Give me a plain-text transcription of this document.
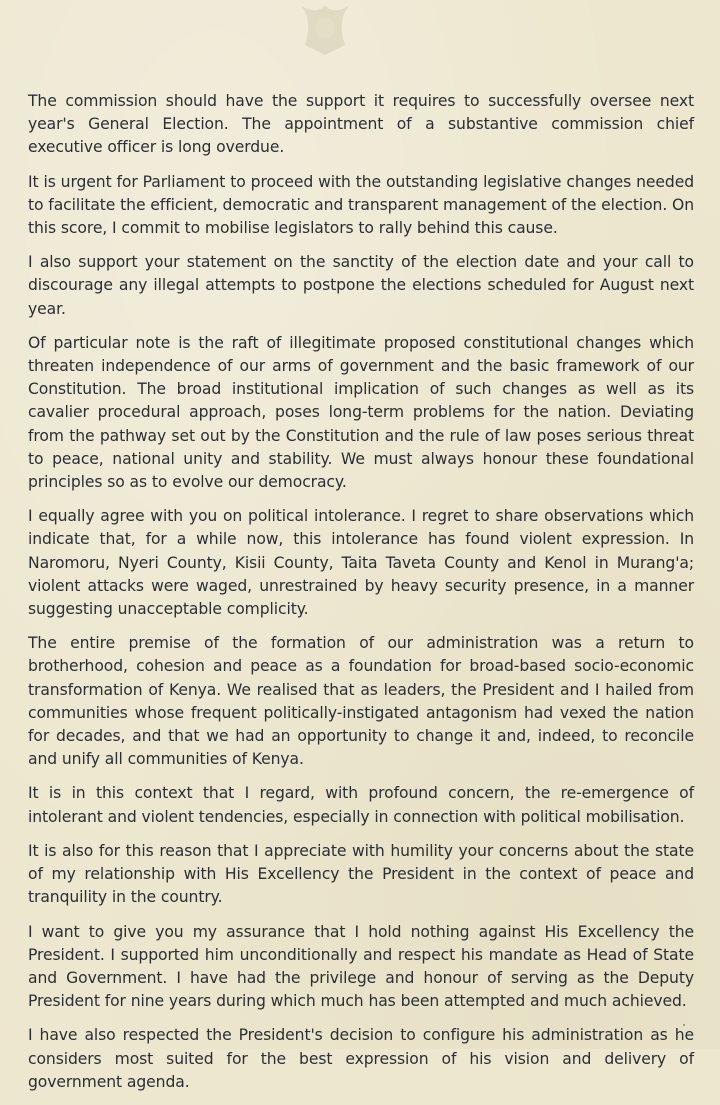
The commission should have the support it requires to successfully oversee next year's General Election. The appointment of a substantive commission chief executive officer is long overdue.

It is urgent for Parliament to proceed with the outstanding legislative changes needed to facilitate the efficient, democratic and transparent management of the election. On this score, I commit to mobilise legislators to rally behind this cause.

I also support your statement on the sanctity of the election date and your call to discourage any illegal attempts to postpone the elections scheduled for August next year.

Of particular note is the raft of illegitimate proposed constitutional changes which threaten independence of our arms of government and the basic framework of our Constitution. The broad institutional implication of such changes as well as its cavalier procedural approach, poses long-term problems for the nation. Deviating from the pathway set out by the Constitution and the rule of law poses serious threat to peace, national unity and stability. We must always honour these foundational principles so as to evolve our democracy.

I equally agree with you on political intolerance. I regret to share observations which indicate that, for a while now, this intolerance has found violent expression. In Naromoru, Nyeri County, Kisii County, Taita Taveta County and Kenol in Murang'a; violent attacks were waged, unrestrained by heavy security presence, in a manner suggesting unacceptable complicity.

The entire premise of the formation of our administration was a return to brotherhood, cohesion and peace as a foundation for broad-based socio-economic transformation of Kenya. We realised that as leaders, the President and I hailed from communities whose frequent politically-instigated antagonism had vexed the nation for decades, and that we had an opportunity to change it and, indeed, to reconcile and unify all communities of Kenya.

It is in this context that I regard, with profound concern, the re-emergence of intolerant and violent tendencies, especially in connection with political mobilisation.

It is also for this reason that I appreciate with humility your concerns about the state of my relationship with His Excellency the President in the context of peace and tranquility in the country.

I want to give you my assurance that I hold nothing against His Excellency the President. I supported him unconditionally and respect his mandate as Head of State and Government. I have had the privilege and honour of serving as the Deputy President for nine years during which much has been attempted and much achieved.

I have also respected the President's decision to configure his administration as he considers most suited for the best expression of his vision and delivery of government agenda.
